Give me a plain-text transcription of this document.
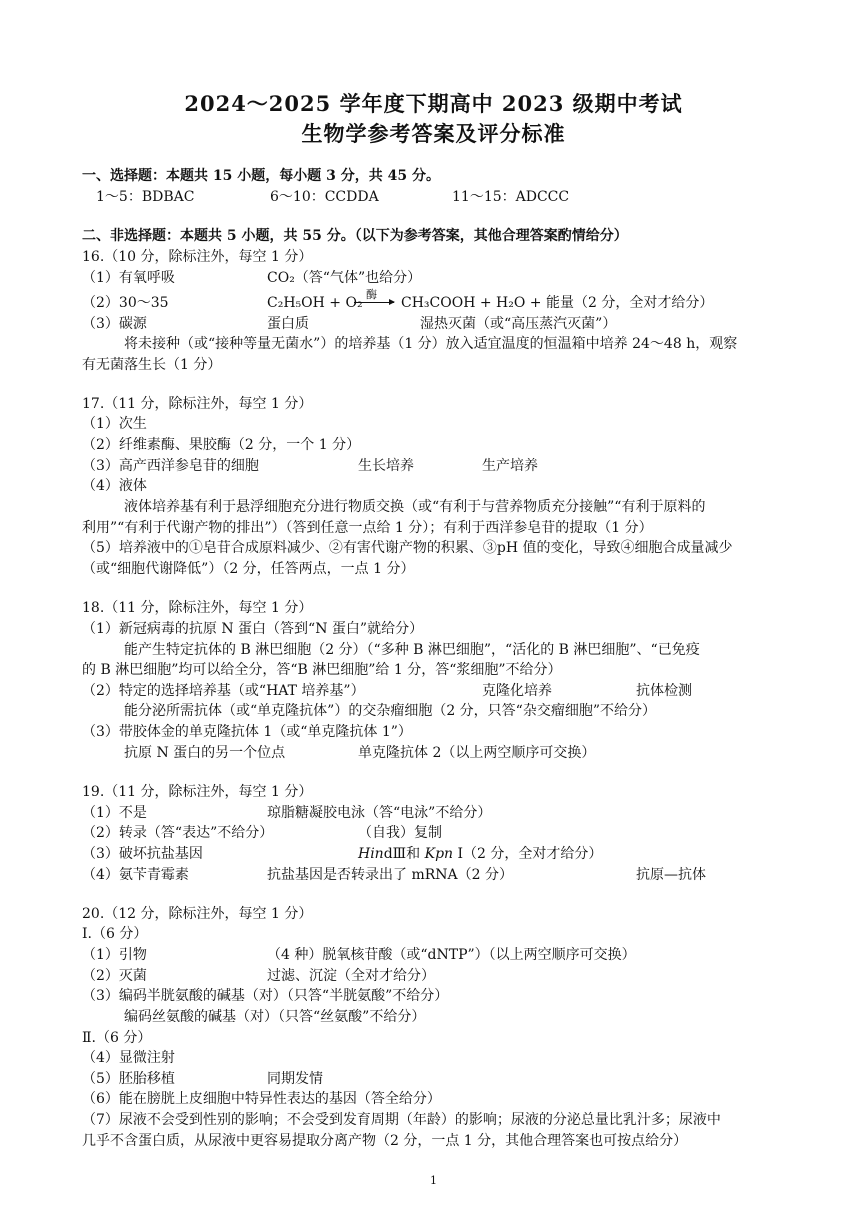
2024～2025 学年度下期高中 2023 级期中考试
生物学参考答案及评分标准
一、选择题：本题共 15 小题，每小题 3 分，共 45 分。
1～5：BDBAC	6～10：CCDDA	11～15：ADCCC
二、非选择题：本题共 5 小题，共 55 分。（以下为参考答案，其他合理答案酌情给分）
16.（10 分，除标注外，每空 1 分）
（1）有氧呼吸	CO₂（答“气体”也给分）
（2）30～35	C₂H₅OH + O₂
酶
→ CH₃COOH + H₂O + 能量（2 分，全对才给分）
（3）碳源	蛋白质	湿热灭菌（或“高压蒸汽灭菌”）
将未接种（或“接种等量无菌水”）的培养基（1 分）放入适宜温度的恒温箱中培养 24～48 h，观察
有无菌落生长（1 分）
17.（11 分，除标注外，每空 1 分）
（1）次生
（2）纤维素酶、果胶酶（2 分，一个 1 分）
（3）高产西洋参皂苷的细胞	生长培养	生产培养
（4）液体
液体培养基有利于悬浮细胞充分进行物质交换（或“有利于与营养物质充分接触”“有利于原料的
利用”“有利于代谢产物的排出”）（答到任意一点给 1 分）；有利于西洋参皂苷的提取（1 分）
（5）培养液中的①皂苷合成原料减少、②有害代谢产物的积累、③pH 值的变化，导致④细胞合成量减少
（或“细胞代谢降低”）（2 分，任答两点，一点 1 分）
18.（11 分，除标注外，每空 1 分）
（1）新冠病毒的抗原 N 蛋白（答到“N 蛋白”就给分）
能产生特定抗体的 B 淋巴细胞（2 分）（“多种 B 淋巴细胞”，“活化的 B 淋巴细胞”、“已免疫
的 B 淋巴细胞”均可以给全分，答“B 淋巴细胞”给 1 分，答“浆细胞”不给分）
（2）特定的选择培养基（或“HAT 培养基”）	克隆化培养	抗体检测
能分泌所需抗体（或“单克隆抗体”）的交杂瘤细胞（2 分，只答“杂交瘤细胞”不给分）
（3）带胶体金的单克隆抗体 1（或“单克隆抗体 1”）
抗原 N 蛋白的另一个位点	单克隆抗体 2（以上两空顺序可交换）
19.（11 分，除标注外，每空 1 分）
（1）不是	琼脂糖凝胶电泳（答“电泳”不给分）
（2）转录（答“表达”不给分）	（自我）复制
（3）破坏抗盐基因	HindⅢ和 Kpn Ⅰ（2 分，全对才给分）
（4）氨苄青霉素	抗盐基因是否转录出了 mRNA（2 分）	抗原—抗体
20.（12 分，除标注外，每空 1 分）
Ⅰ.（6 分）
（1）引物	（4 种）脱氧核苷酸（或“dNTP”）（以上两空顺序可交换）
（2）灭菌	过滤、沉淀（全对才给分）
（3）编码半胱氨酸的碱基（对）（只答“半胱氨酸”不给分）
编码丝氨酸的碱基（对）（只答“丝氨酸”不给分）
Ⅱ.（6 分）
（4）显微注射
（5）胚胎移植	同期发情
（6）能在膀胱上皮细胞中特异性表达的基因（答全给分）
（7）尿液不会受到性别的影响；不会受到发育周期（年龄）的影响；尿液的分泌总量比乳汁多；尿液中
几乎不含蛋白质，从尿液中更容易提取分离产物（2 分，一点 1 分，其他合理答案也可按点给分）
1
